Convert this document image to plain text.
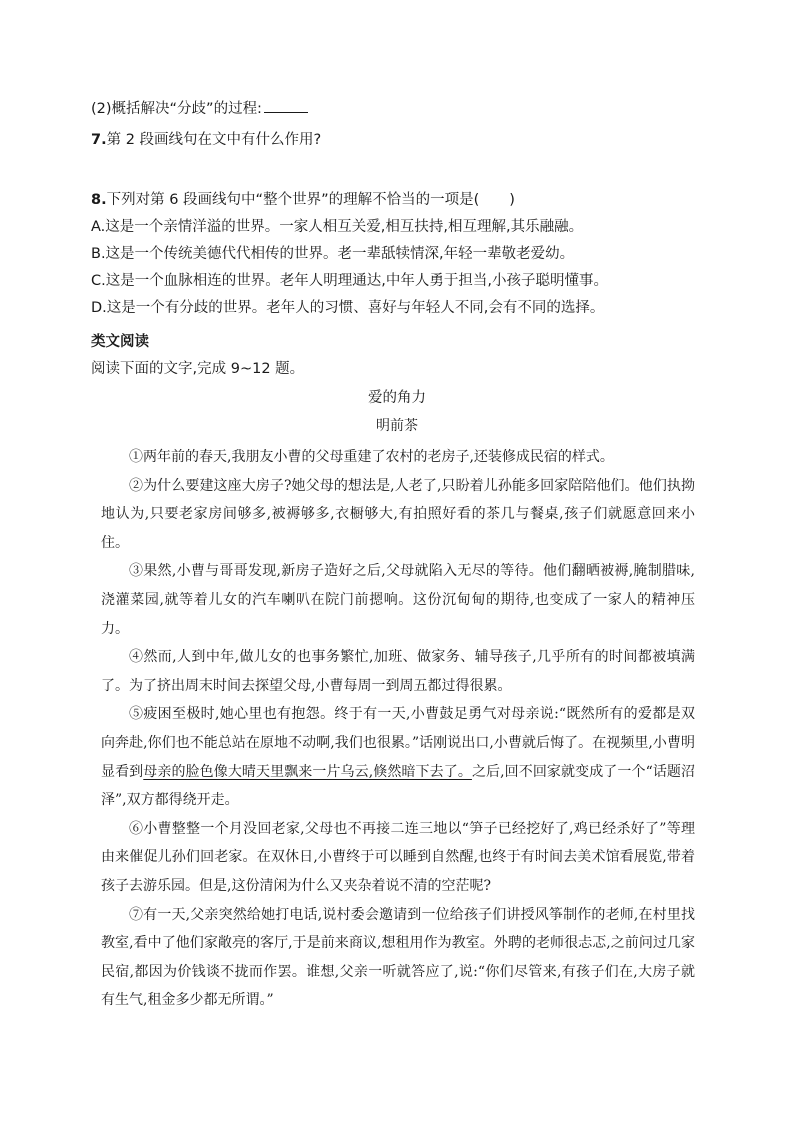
(2)概括解决“分歧”的过程:
7.第 2 段画线句在文中有什么作用?
8.下列对第 6 段画线句中“整个世界”的理解不恰当的一项是( )
A.这是一个亲情洋溢的世界。一家人相互关爱,相互扶持,相互理解,其乐融融。
B.这是一个传统美德代代相传的世界。老一辈舐犊情深,年轻一辈敬老爱幼。
C.这是一个血脉相连的世界。老年人明理通达,中年人勇于担当,小孩子聪明懂事。
D.这是一个有分歧的世界。老年人的习惯、喜好与年轻人不同,会有不同的选择。
类文阅读
阅读下面的文字,完成 9~12 题。
爱的角力
明前茶

①两年前的春天,我朋友小曹的父母重建了农村的老房子,还装修成民宿的样式。

②为什么要建这座大房子?她父母的想法是,人老了,只盼着儿孙能多回家陪陪他们。他们执拗地认为,只要老家房间够多,被褥够多,衣橱够大,有拍照好看的茶几与餐桌,孩子们就愿意回来小住。

③果然,小曹与哥哥发现,新房子造好之后,父母就陷入无尽的等待。他们翻晒被褥,腌制腊味,浇灌菜园,就等着儿女的汽车喇叭在院门前摁响。这份沉甸甸的期待,也变成了一家人的精神压力。

④然而,人到中年,做儿女的也事务繁忙,加班、做家务、辅导孩子,几乎所有的时间都被填满了。为了挤出周末时间去探望父母,小曹每周一到周五都过得很累。

⑤疲困至极时,她心里也有抱怨。终于有一天,小曹鼓足勇气对母亲说:“既然所有的爱都是双向奔赴,你们也不能总站在原地不动啊,我们也很累。”话刚说出口,小曹就后悔了。在视频里,小曹明显看到母亲的脸色像大晴天里飘来一片乌云,倏然暗下去了。之后,回不回家就变成了一个“话题沼泽”,双方都得绕开走。

⑥小曹整整一个月没回老家,父母也不再接二连三地以“笋子已经挖好了,鸡已经杀好了”等理由来催促儿孙们回老家。在双休日,小曹终于可以睡到自然醒,也终于有时间去美术馆看展览,带着孩子去游乐园。但是,这份清闲为什么又夹杂着说不清的空茫呢?

⑦有一天,父亲突然给她打电话,说村委会邀请到一位给孩子们讲授风筝制作的老师,在村里找教室,看中了他们家敞亮的客厅,于是前来商议,想租用作为教室。外聘的老师很忐忑,之前问过几家民宿,都因为价钱谈不拢而作罢。谁想,父亲一听就答应了,说:“你们尽管来,有孩子们在,大房子就有生气,租金多少都无所谓。”
